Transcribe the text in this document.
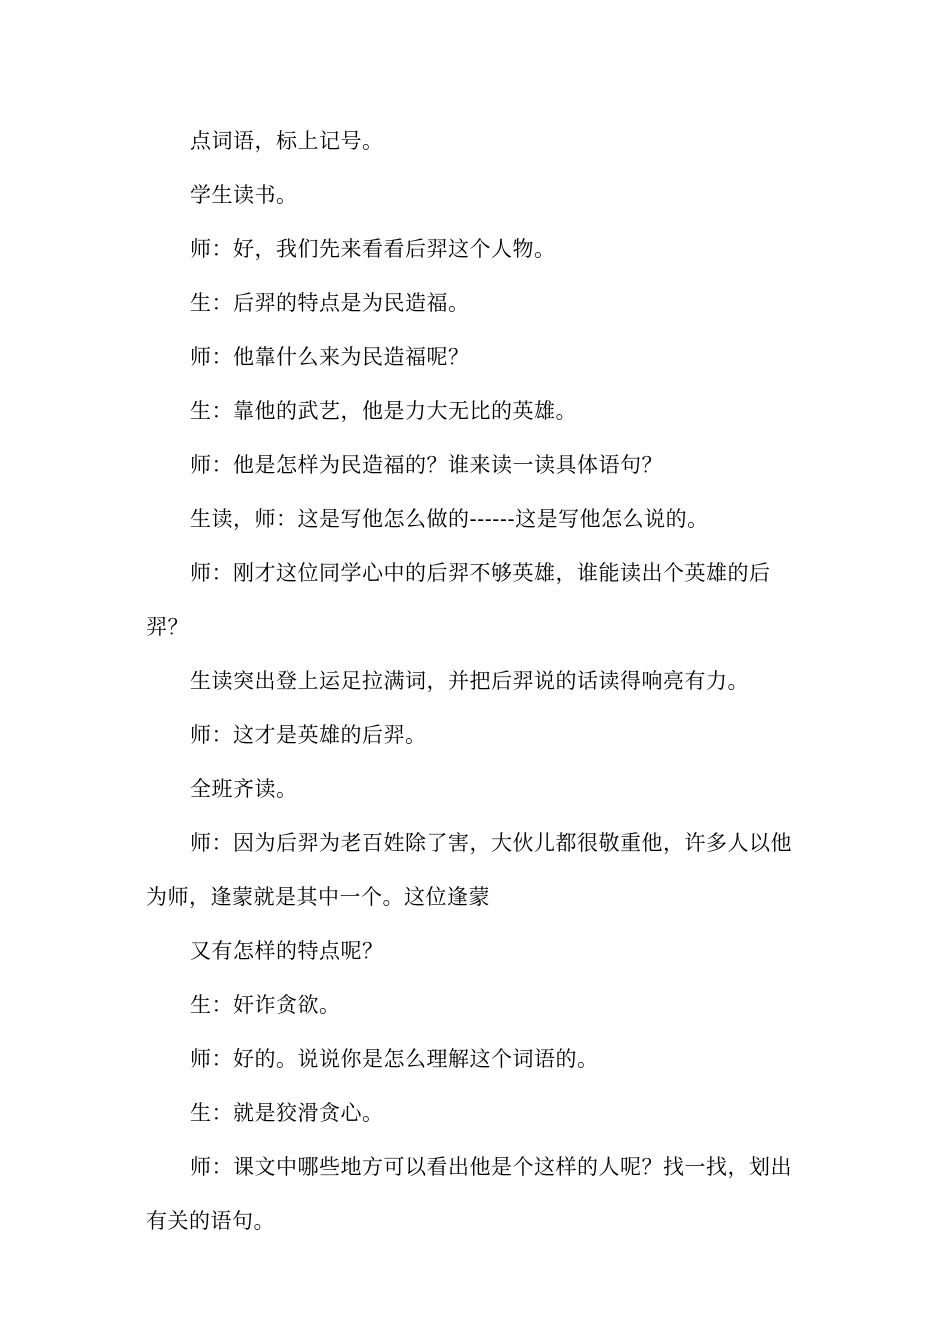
点词语，标上记号。

学生读书。

师：好，我们先来看看后羿这个人物。

生：后羿的特点是为民造福。

师：他靠什么来为民造福呢？

生：靠他的武艺，他是力大无比的英雄。

师：他是怎样为民造福的？谁来读一读具体语句？

生读，师：这是写他怎么做的------这是写他怎么说的。

师：刚才这位同学心中的后羿不够英雄，谁能读出个英雄的后羿？

生读突出登上运足拉满词，并把后羿说的话读得响亮有力。

师：这才是英雄的后羿。

全班齐读。

师：因为后羿为老百姓除了害，大伙儿都很敬重他，许多人以他为师，逢蒙就是其中一个。这位逢蒙

又有怎样的特点呢？

生：奸诈贪欲。

师：好的。说说你是怎么理解这个词语的。

生：就是狡滑贪心。

师：课文中哪些地方可以看出他是个这样的人呢？找一找，划出有关的语句。
